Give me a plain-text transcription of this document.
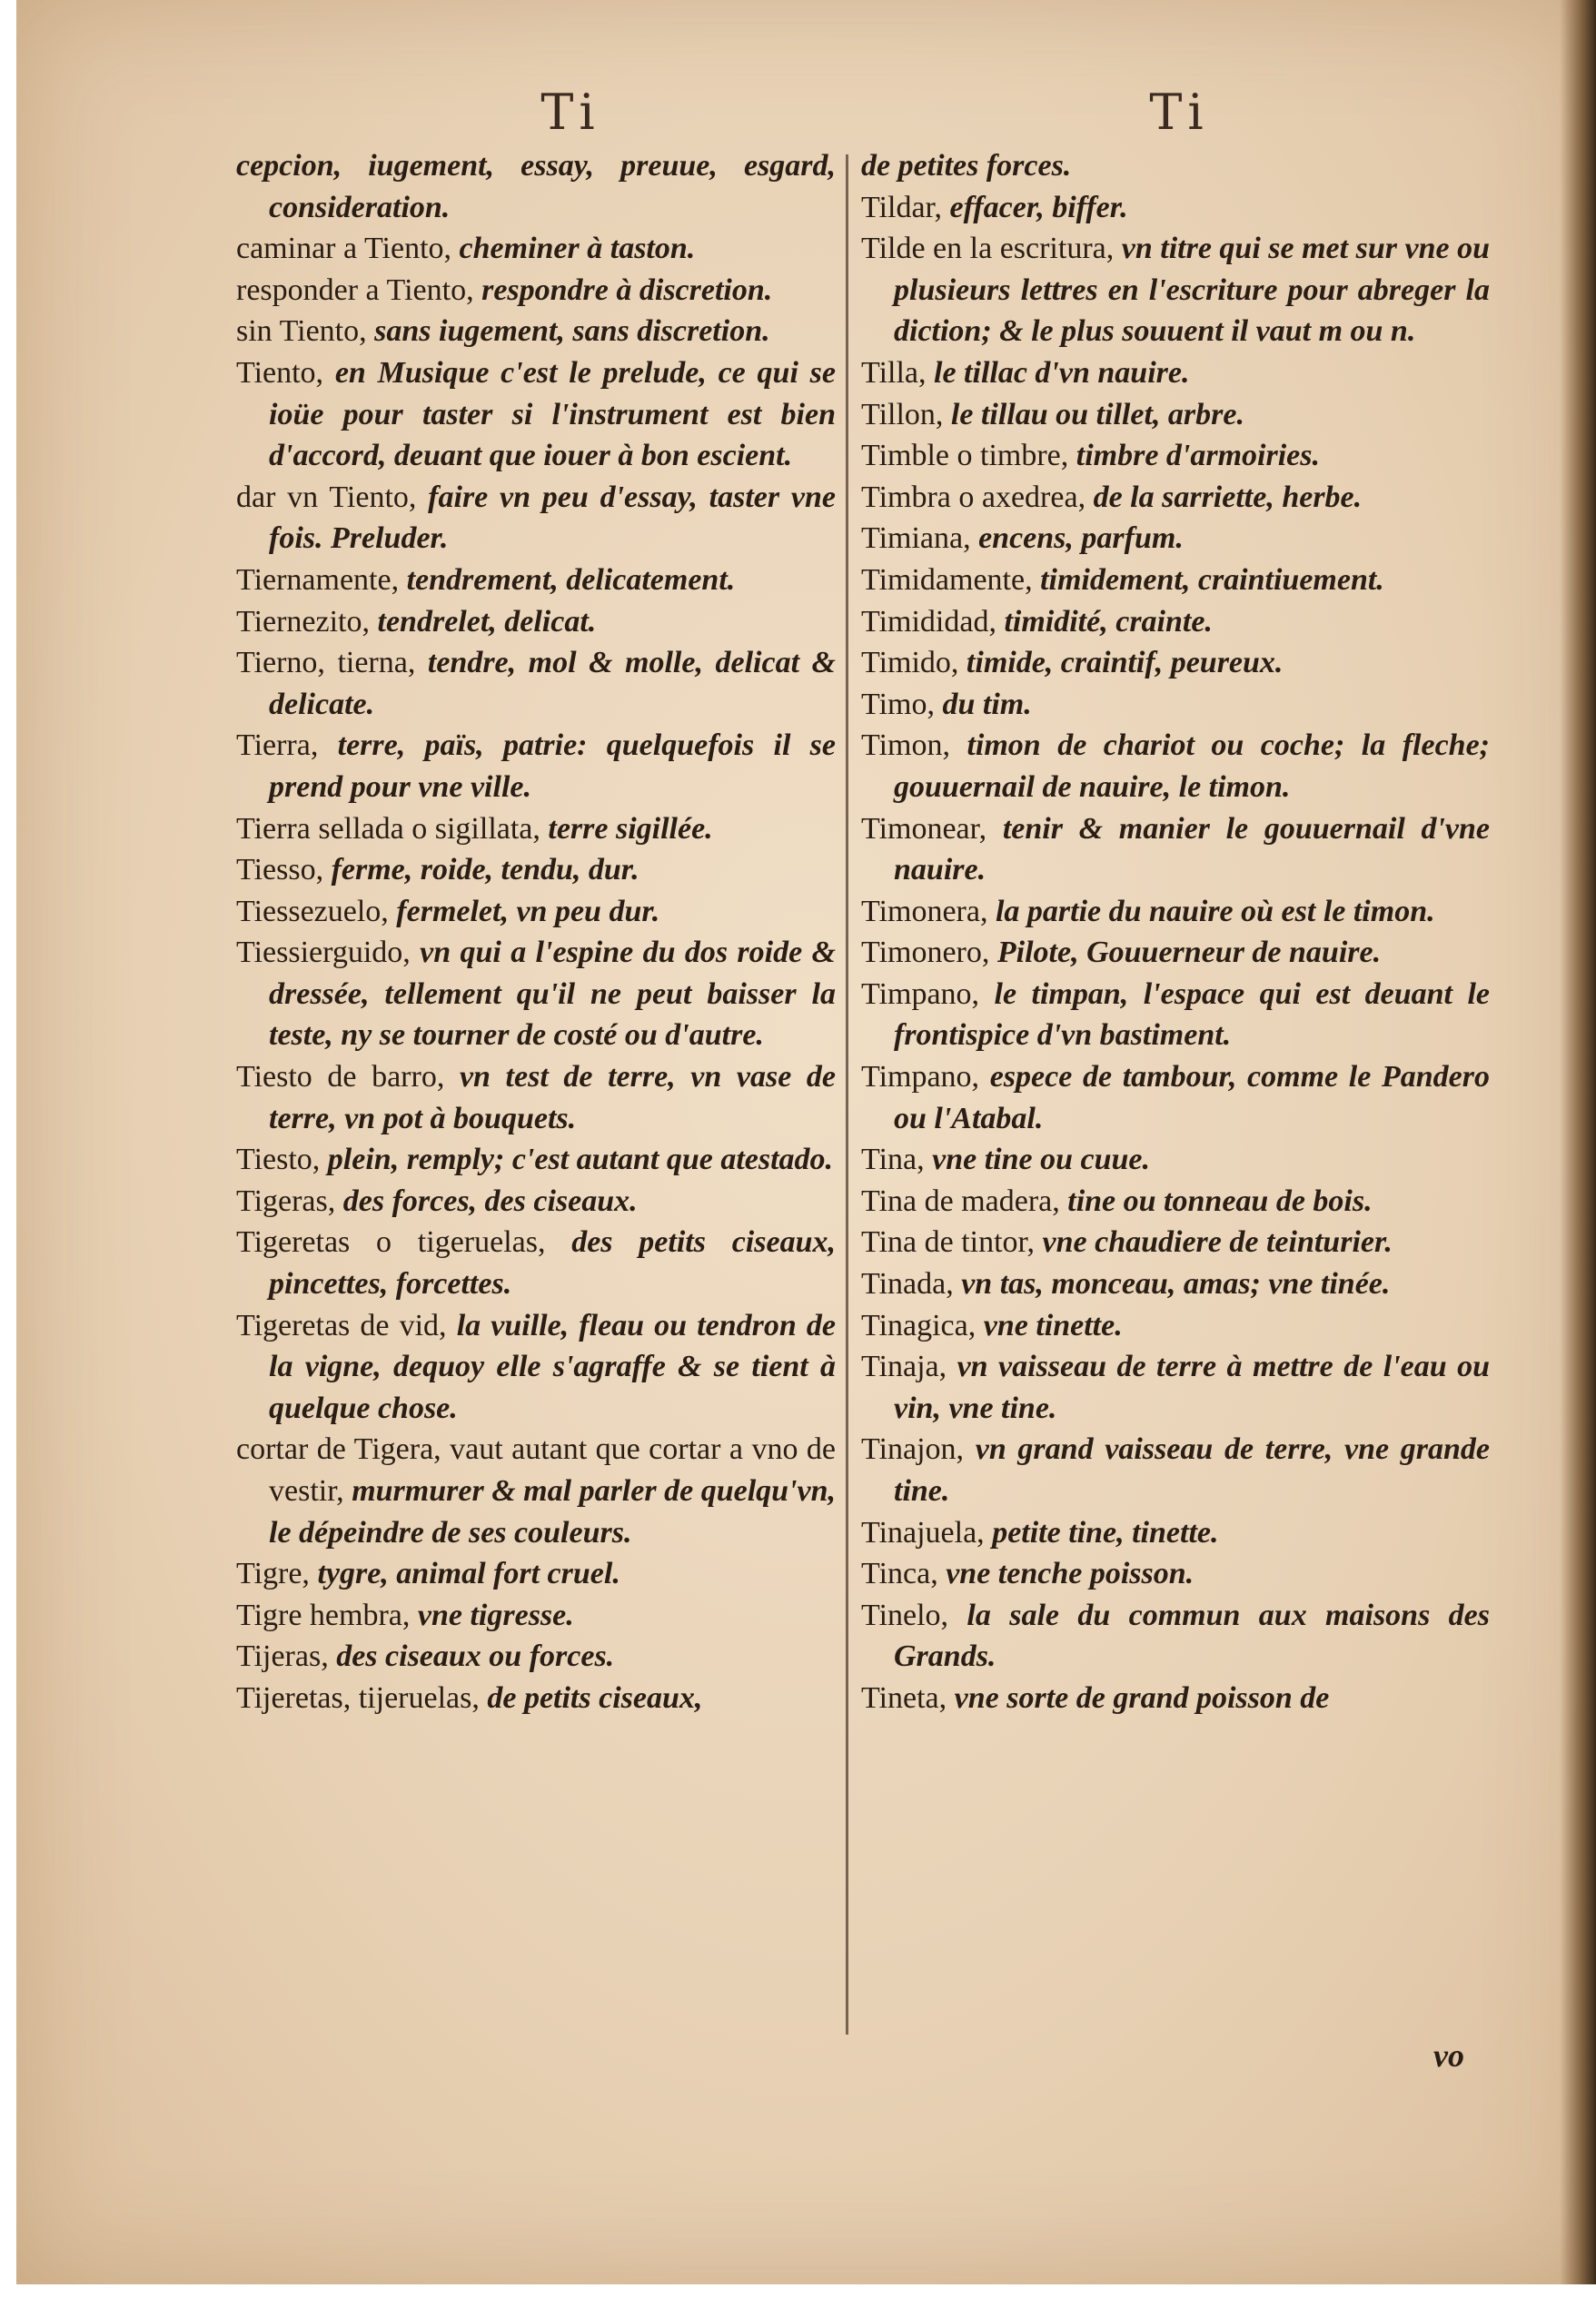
Ti	Ti
cepcion, iugement, essay, preuue, esgard, consideration.
caminar a Tiento, cheminer à taston.
responder a Tiento, respondre à discretion.
sin Tiento, sans iugement, sans discretion.
Tiento, en Musique c'est le prelude, ce qui se ioüe pour taster si l'instrument est bien d'accord, deuant que iouer à bon escient.
dar vn Tiento, faire vn peu d'essay, taster vne fois. Preluder.
Tiernamente, tendrement, delicatement.
Tiernezito, tendrelet, delicat.
Tierno, tierna, tendre, mol & molle, delicat & delicate.
Tierra, terre, païs, patrie: quelquefois il se prend pour vne ville.
Tierra sellada o sigillata, terre sigillée.
Tiesso, ferme, roide, tendu, dur.
Tiessezuelo, fermelet, vn peu dur.
Tiessierguido, vn qui a l'espine du dos roide & dressée, tellement qu'il ne peut baisser la teste, ny se tourner de costé ou d'autre.
Tiesto de barro, vn test de terre, vn vase de terre, vn pot à bouquets.
Tiesto, plein, remply; c'est autant que atestado.
Tigeras, des forces, des ciseaux.
Tigeretas o tigeruelas, des petits ciseaux, pincettes, forcettes.
Tigeretas de vid, la vuille, fleau ou tendron de la vigne, dequoy elle s'agraffe & se tient à quelque chose.
cortar de Tigera, vaut autant que cortar a vno de vestir, murmurer & mal parler de quelqu'vn, le dépeindre de ses couleurs.
Tigre, tygre, animal fort cruel.
Tigre hembra, vne tigresse.
Tijeras, des ciseaux ou forces.
Tijeretas, tijeruelas, de petits ciseaux,
de petites forces.
Tildar, effacer, biffer.
Tilde en la escritura, vn titre qui se met sur vne ou plusieurs lettres en l'escriture pour abreger la diction; & le plus souuent il vaut m ou n.
Tilla, le tillac d'vn nauire.
Tillon, le tillau ou tillet, arbre.
Timble o timbre, timbre d'armoiries.
Timbra o axedrea, de la sarriette, herbe.
Timiana, encens, parfum.
Timidamente, timidement, craintiuement.
Timididad, timidité, crainte.
Timido, timide, craintif, peureux.
Timo, du tim.
Timon, timon de chariot ou coche; la fleche; gouuernail de nauire, le timon.
Timonear, tenir & manier le gouuernail d'vne nauire.
Timonera, la partie du nauire où est le timon.
Timonero, Pilote, Gouuerneur de nauire.
Timpano, le timpan, l'espace qui est deuant le frontispice d'vn bastiment.
Timpano, espece de tambour, comme le Pandero ou l'Atabal.
Tina, vne tine ou cuue.
Tina de madera, tine ou tonneau de bois.
Tina de tintor, vne chaudiere de teinturier.
Tinada, vn tas, monceau, amas; vne tinée.
Tinagica, vne tinette.
Tinaja, vn vaisseau de terre à mettre de l'eau ou vin, vne tine.
Tinajon, vn grand vaisseau de terre, vne grande tine.
Tinajuela, petite tine, tinette.
Tinca, vne tenche poisson.
Tinelo, la sale du commun aux maisons des Grands.
Tineta, vne sorte de grand poisson de
vo
